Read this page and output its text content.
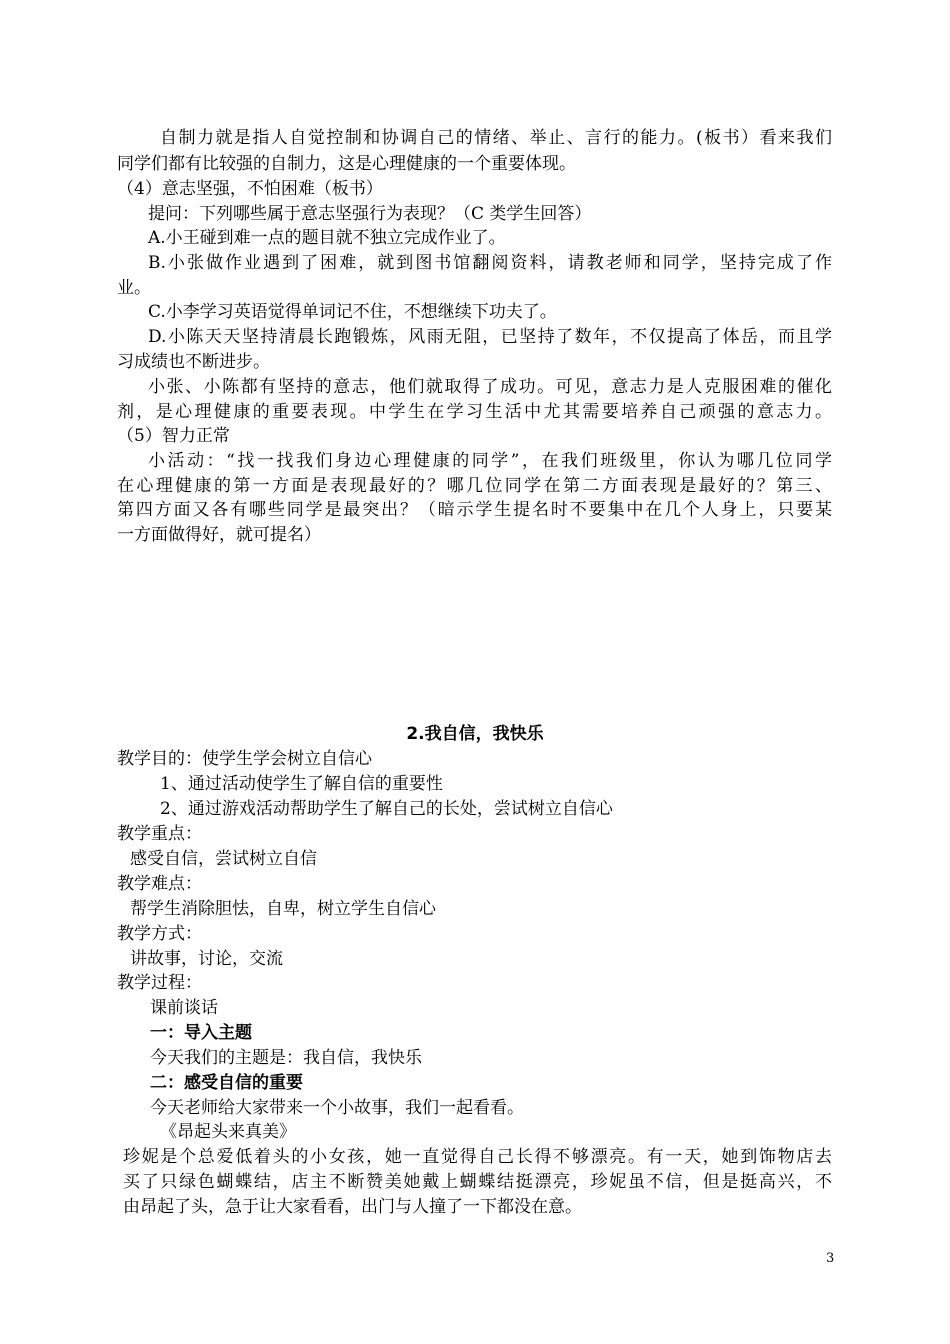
自制力就是指人自觉控制和协调自己的情绪、举止、言行的能力。(板书）看来我们
同学们都有比较强的自制力，这是心理健康的一个重要体现。
（4）意志坚强，不怕困难（板书）
提问：下列哪些属于意志坚强行为表现？（C 类学生回答）
A.小王碰到难一点的题目就不独立完成作业了。
B.小张做作业遇到了困难，就到图书馆翻阅资料，请教老师和同学，坚持完成了作
业。
C.小李学习英语觉得单词记不住，不想继续下功夫了。
D.小陈天天坚持清晨长跑锻炼，风雨无阻，已坚持了数年，不仅提高了体岳，而且学
习成绩也不断进步。
小张、小陈都有坚持的意志，他们就取得了成功。可见，意志力是人克服困难的催化
剂，是心理健康的重要表现。中学生在学习生活中尤其需要培养自己顽强的意志力。
（5）智力正常
小活动：“找一找我们身边心理健康的同学”，在我们班级里，你认为哪几位同学
在心理健康的第一方面是表现最好的？哪几位同学在第二方面表现是最好的？第三、
第四方面又各有哪些同学是最突出？（暗示学生提名时不要集中在几个人身上，只要某
一方面做得好，就可提名）
2.我自信，我快乐
教学目的：使学生学会树立自信心
1、通过活动使学生了解自信的重要性
2、通过游戏活动帮助学生了解自己的长处，尝试树立自信心
教学重点：
感受自信，尝试树立自信
教学难点：
帮学生消除胆怯，自卑，树立学生自信心
教学方式：
讲故事，讨论，交流
教学过程：
课前谈话
一：导入主题
今天我们的主题是：我自信，我快乐
二：感受自信的重要
今天老师给大家带来一个小故事，我们一起看看。
《昂起头来真美》
珍妮是个总爱低着头的小女孩，她一直觉得自己长得不够漂亮。有一天，她到饰物店去
买了只绿色蝴蝶结，店主不断赞美她戴上蝴蝶结挺漂亮，珍妮虽不信，但是挺高兴，不
由昂起了头，急于让大家看看，出门与人撞了一下都没在意。
3
